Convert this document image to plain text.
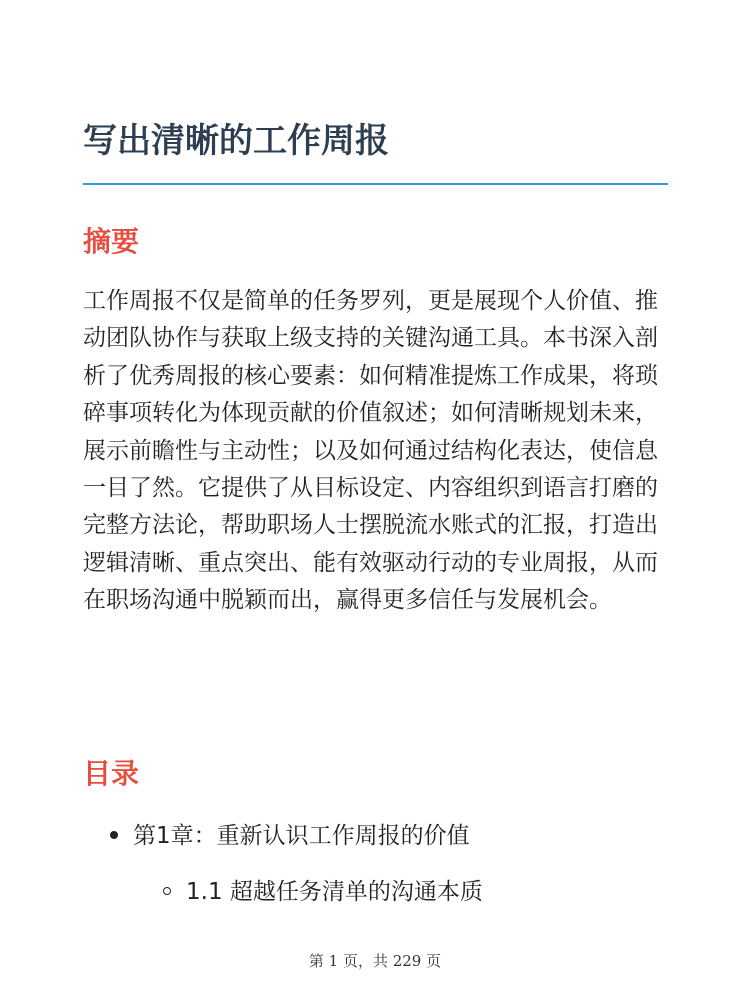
写出清晰的工作周报
摘要

工作周报不仅是简单的任务罗列，更是展现个人价值、推动团队协作与获取上级支持的关键沟通工具。本书深入剖析了优秀周报的核心要素：如何精准提炼工作成果，将琐碎事项转化为体现贡献的价值叙述；如何清晰规划未来，展示前瞻性与主动性；以及如何通过结构化表达，使信息一目了然。它提供了从目标设定、内容组织到语言打磨的完整方法论，帮助职场人士摆脱流水账式的汇报，打造出逻辑清晰、重点突出、能有效驱动行动的专业周报，从而在职场沟通中脱颖而出，赢得更多信任与发展机会。

目录
第1章：重新认识工作周报的价值
1.1 超越任务清单的沟通本质
第 1 页，共 229 页
